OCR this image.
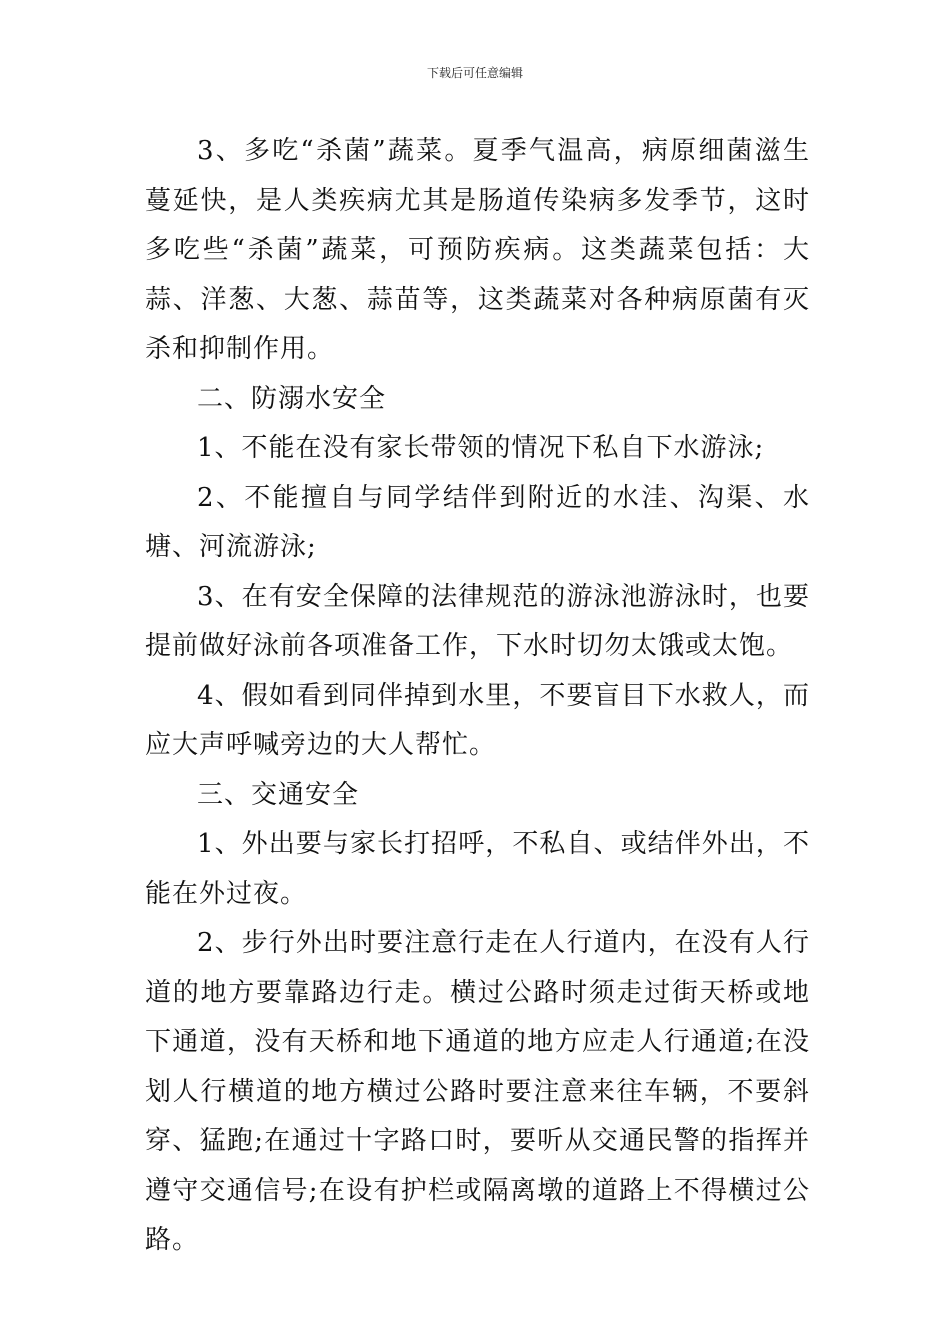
下载后可任意编辑

3、多吃“杀菌”蔬菜。夏季气温高，病原细菌滋生蔓延快，是人类疾病尤其是肠道传染病多发季节，这时多吃些“杀菌”蔬菜，可预防疾病。这类蔬菜包括：大蒜、洋葱、大葱、蒜苗等，这类蔬菜对各种病原菌有灭杀和抑制作用。

二、防溺水安全

1、不能在没有家长带领的情况下私自下水游泳;

2、不能擅自与同学结伴到附近的水洼、沟渠、水塘、河流游泳;

3、在有安全保障的法律规范的游泳池游泳时，也要提前做好泳前各项准备工作，下水时切勿太饿或太饱。

4、假如看到同伴掉到水里，不要盲目下水救人，而应大声呼喊旁边的大人帮忙。

三、交通安全

1、外出要与家长打招呼，不私自、或结伴外出，不能在外过夜。

2、步行外出时要注意行走在人行道内，在没有人行道的地方要靠路边行走。横过公路时须走过街天桥或地下通道，没有天桥和地下通道的地方应走人行通道;在没划人行横道的地方横过公路时要注意来往车辆，不要斜穿、猛跑;在通过十字路口时，要听从交通民警的指挥并遵守交通信号;在设有护栏或隔离墩的道路上不得横过公路。
